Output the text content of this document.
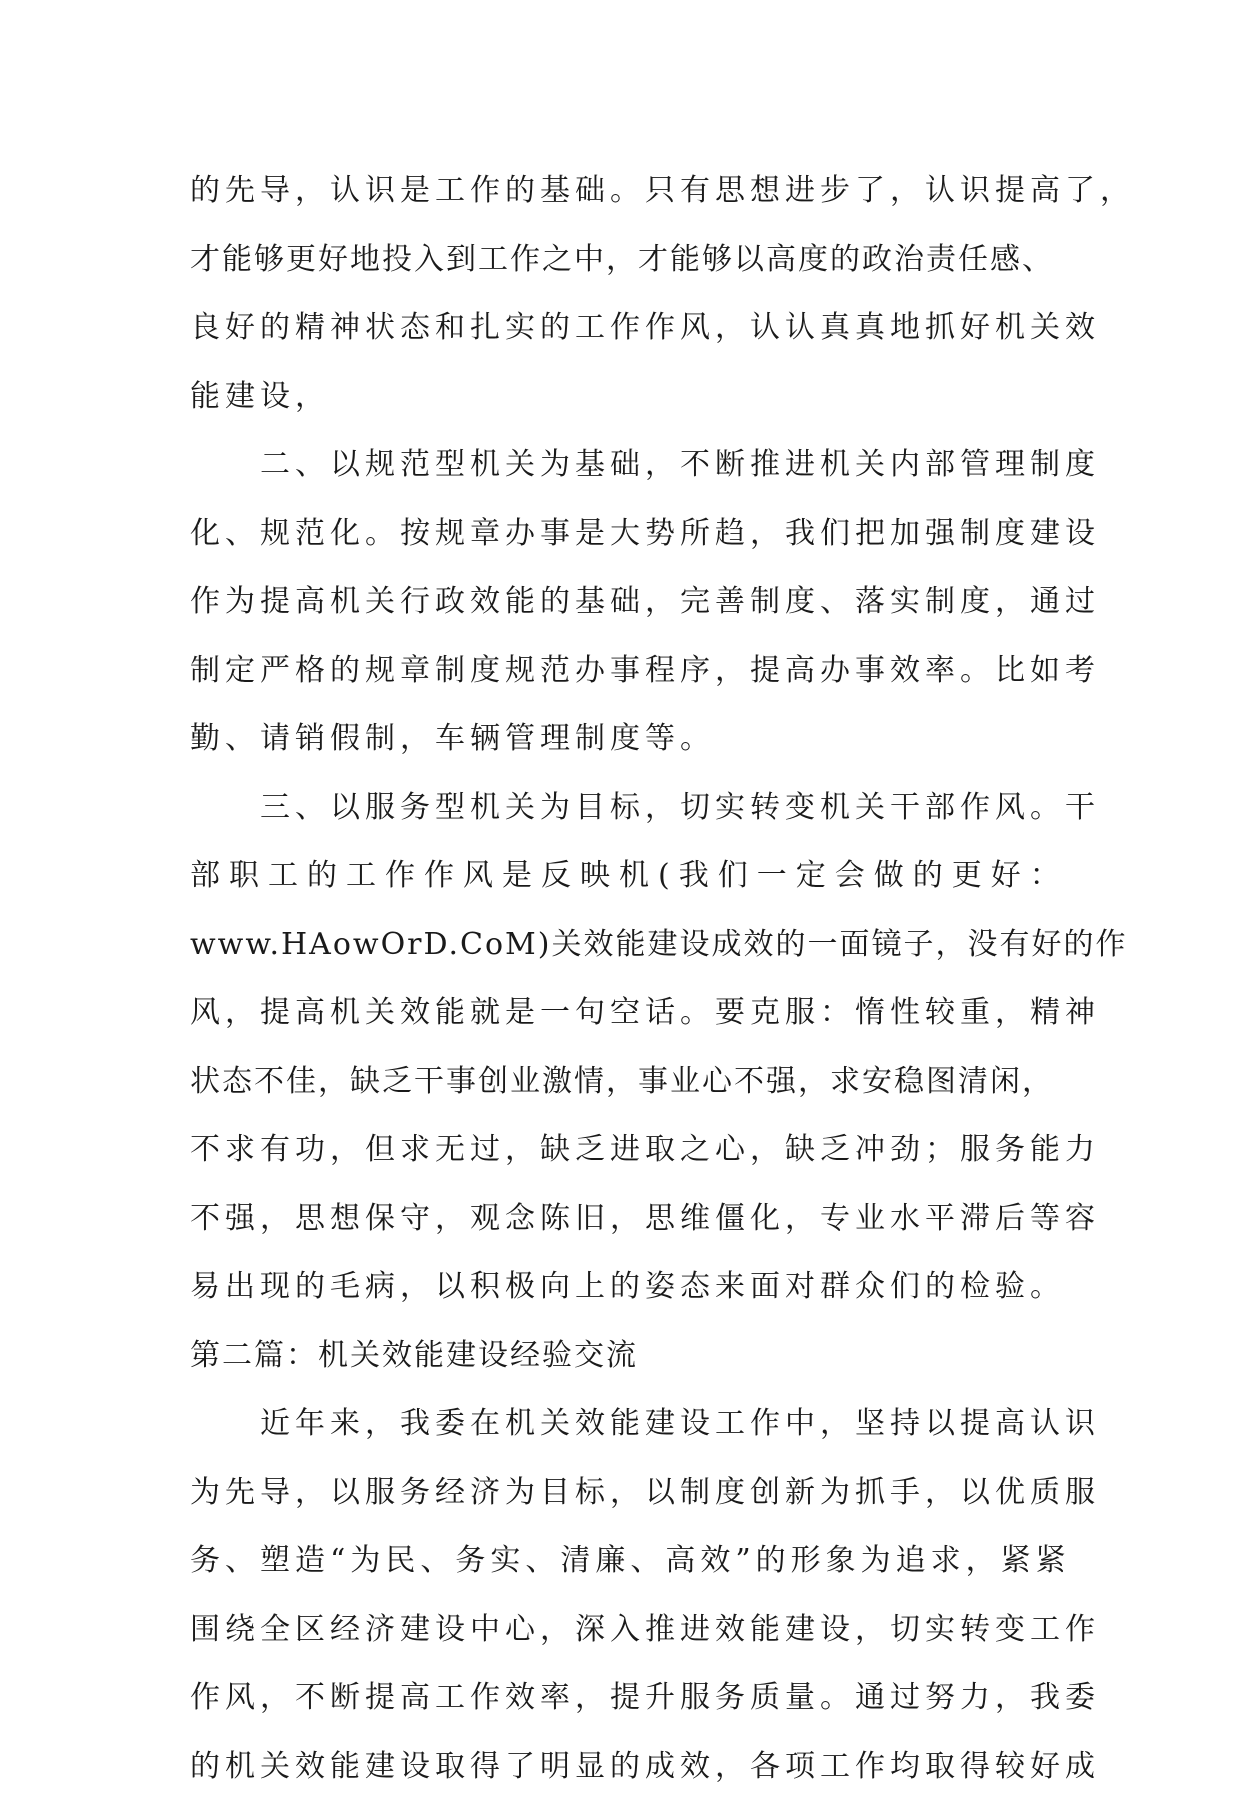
的先导，认识是工作的基础。只有思想进步了，认识提高了，
才能够更好地投入到工作之中，才能够以高度的政治责任感、
良好的精神状态和扎实的工作作风，认认真真地抓好机关效
能建设，
　　二、以规范型机关为基础，不断推进机关内部管理制度
化、规范化。按规章办事是大势所趋，我们把加强制度建设
作为提高机关行政效能的基础，完善制度、落实制度，通过
制定严格的规章制度规范办事程序，提高办事效率。比如考
勤、请销假制，车辆管理制度等。
　　三、以服务型机关为目标，切实转变机关干部作风。干
部职工的工作作风是反映机(我们一定会做的更好：
www.HAowOrD.CoM)关效能建设成效的一面镜子，没有好的作
风，提高机关效能就是一句空话。要克服：惰性较重，精神
状态不佳，缺乏干事创业激情，事业心不强，求安稳图清闲，
不求有功，但求无过，缺乏进取之心，缺乏冲劲；服务能力
不强，思想保守，观念陈旧，思维僵化，专业水平滞后等容
易出现的毛病，以积极向上的姿态来面对群众们的检验。
第二篇：机关效能建设经验交流
　　近年来，我委在机关效能建设工作中，坚持以提高认识
为先导，以服务经济为目标，以制度创新为抓手，以优质服
务、塑造“为民、务实、清廉、高效”的形象为追求，紧紧
围绕全区经济建设中心，深入推进效能建设，切实转变工作
作风，不断提高工作效率，提升服务质量。通过努力，我委
的机关效能建设取得了明显的成效，各项工作均取得较好成
